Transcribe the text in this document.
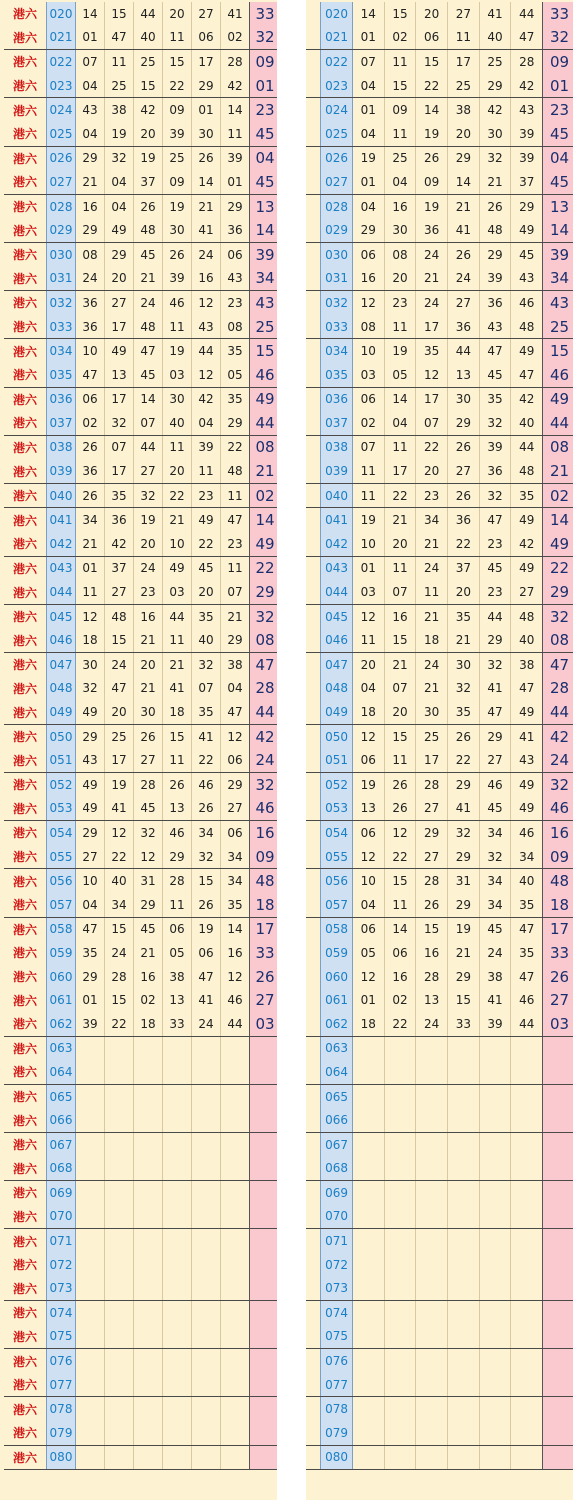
港六	020	14	15	44	20	27	41	33
港六	021	01	47	40	11	06	02	32
港六	022	07	11	25	15	17	28	09
港六	023	04	25	15	22	29	42	01
港六	024	43	38	42	09	01	14	23
港六	025	04	19	20	39	30	11	45
港六	026	29	32	19	25	26	39	04
港六	027	21	04	37	09	14	01	45
港六	028	16	04	26	19	21	29	13
港六	029	29	49	48	30	41	36	14
港六	030	08	29	45	26	24	06	39
港六	031	24	20	21	39	16	43	34
港六	032	36	27	24	46	12	23	43
港六	033	36	17	48	11	43	08	25
港六	034	10	49	47	19	44	35	15
港六	035	47	13	45	03	12	05	46
港六	036	06	17	14	30	42	35	49
港六	037	02	32	07	40	04	29	44
港六	038	26	07	44	11	39	22	08
港六	039	36	17	27	20	11	48	21
港六	040	26	35	32	22	23	11	02
港六	041	34	36	19	21	49	47	14
港六	042	21	42	20	10	22	23	49
港六	043	01	37	24	49	45	11	22
港六	044	11	27	23	03	20	07	29
港六	045	12	48	16	44	35	21	32
港六	046	18	15	21	11	40	29	08
港六	047	30	24	20	21	32	38	47
港六	048	32	47	21	41	07	04	28
港六	049	49	20	30	18	35	47	44
港六	050	29	25	26	15	41	12	42
港六	051	43	17	27	11	22	06	24
港六	052	49	19	28	26	46	29	32
港六	053	49	41	45	13	26	27	46
港六	054	29	12	32	46	34	06	16
港六	055	27	22	12	29	32	34	09
港六	056	10	40	31	28	15	34	48
港六	057	04	34	29	11	26	35	18
港六	058	47	15	45	06	19	14	17
港六	059	35	24	21	05	06	16	33
港六	060	29	28	16	38	47	12	26
港六	061	01	15	02	13	41	46	27
港六	062	39	22	18	33	24	44	03
港六	063							
港六	064							
港六	065							
港六	066							
港六	067							
港六	068							
港六	069							
港六	070							
港六	071							
港六	072							
港六	073							
港六	074							
港六	075							
港六	076							
港六	077							
港六	078							
港六	079							
港六	080							
	020	14	15	20	27	41	44	33
	021	01	02	06	11	40	47	32
	022	07	11	15	17	25	28	09
	023	04	15	22	25	29	42	01
	024	01	09	14	38	42	43	23
	025	04	11	19	20	30	39	45
	026	19	25	26	29	32	39	04
	027	01	04	09	14	21	37	45
	028	04	16	19	21	26	29	13
	029	29	30	36	41	48	49	14
	030	06	08	24	26	29	45	39
	031	16	20	21	24	39	43	34
	032	12	23	24	27	36	46	43
	033	08	11	17	36	43	48	25
	034	10	19	35	44	47	49	15
	035	03	05	12	13	45	47	46
	036	06	14	17	30	35	42	49
	037	02	04	07	29	32	40	44
	038	07	11	22	26	39	44	08
	039	11	17	20	27	36	48	21
	040	11	22	23	26	32	35	02
	041	19	21	34	36	47	49	14
	042	10	20	21	22	23	42	49
	043	01	11	24	37	45	49	22
	044	03	07	11	20	23	27	29
	045	12	16	21	35	44	48	32
	046	11	15	18	21	29	40	08
	047	20	21	24	30	32	38	47
	048	04	07	21	32	41	47	28
	049	18	20	30	35	47	49	44
	050	12	15	25	26	29	41	42
	051	06	11	17	22	27	43	24
	052	19	26	28	29	46	49	32
	053	13	26	27	41	45	49	46
	054	06	12	29	32	34	46	16
	055	12	22	27	29	32	34	09
	056	10	15	28	31	34	40	48
	057	04	11	26	29	34	35	18
	058	06	14	15	19	45	47	17
	059	05	06	16	21	24	35	33
	060	12	16	28	29	38	47	26
	061	01	02	13	15	41	46	27
	062	18	22	24	33	39	44	03
	063							
	064							
	065							
	066							
	067							
	068							
	069							
	070							
	071							
	072							
	073							
	074							
	075							
	076							
	077							
	078							
	079							
	080							
